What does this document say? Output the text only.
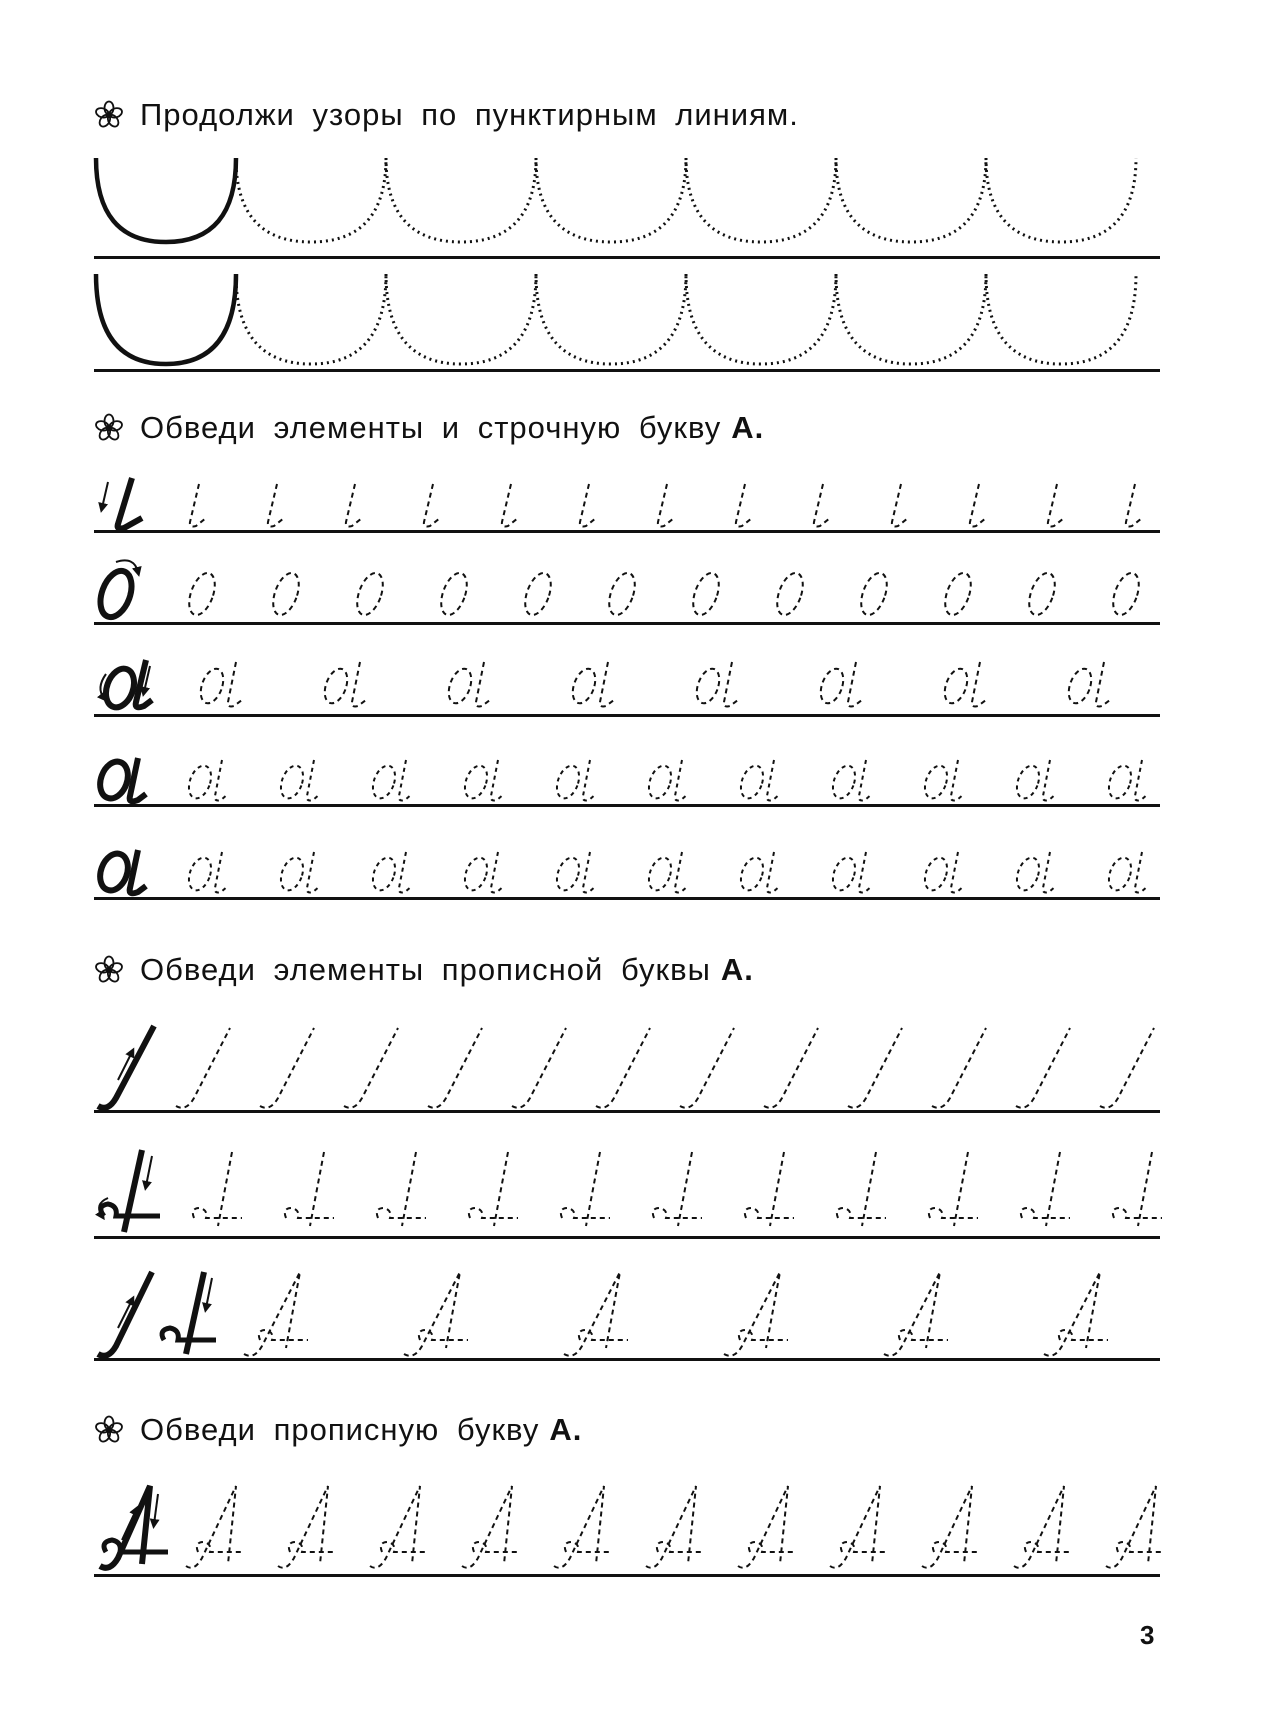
Продолжи узоры по пунктирным линиям.
Обведи элементы и строчную букву А.
Обведи элементы прописной буквы А.
Обведи прописную букву А.
3
